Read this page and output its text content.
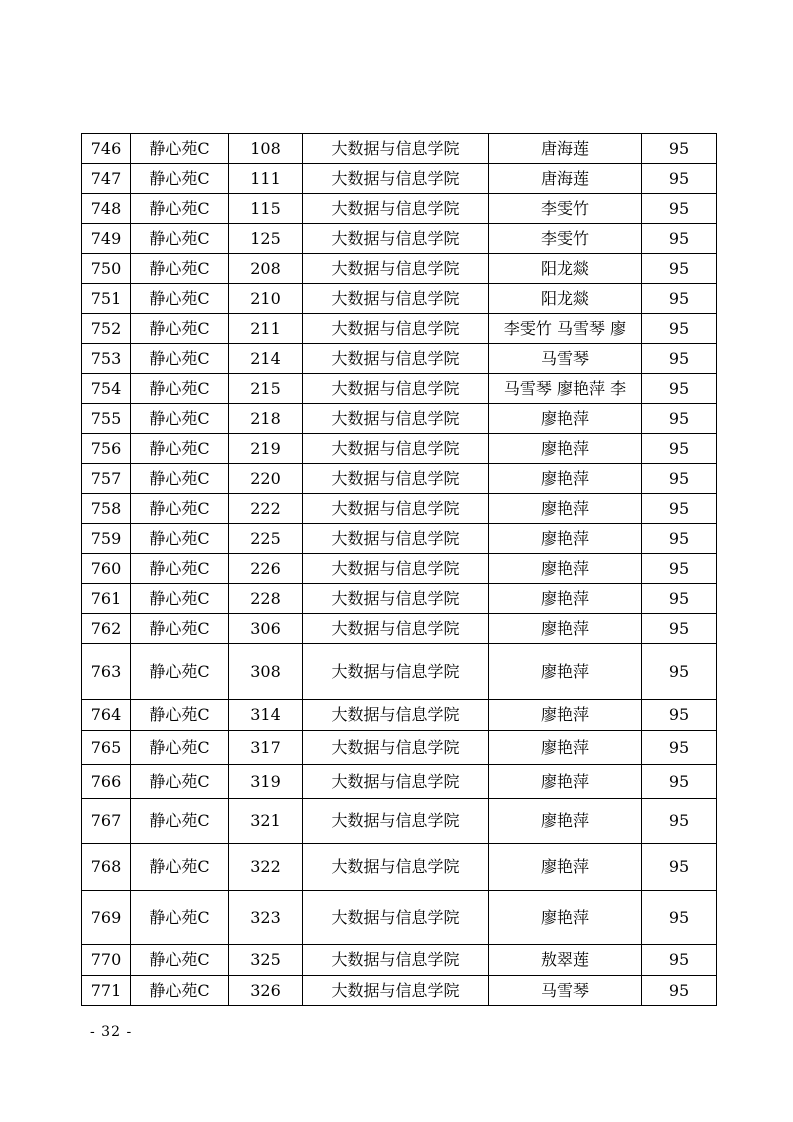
746	静心苑C	108	大数据与信息学院	唐海莲	95
747	静心苑C	111	大数据与信息学院	唐海莲	95
748	静心苑C	115	大数据与信息学院	李雯竹	95
749	静心苑C	125	大数据与信息学院	李雯竹	95
750	静心苑C	208	大数据与信息学院	阳龙燚	95
751	静心苑C	210	大数据与信息学院	阳龙燚	95
752	静心苑C	211	大数据与信息学院	李雯竹 马雪琴 廖	95
753	静心苑C	214	大数据与信息学院	马雪琴	95
754	静心苑C	215	大数据与信息学院	马雪琴 廖艳萍 李	95
755	静心苑C	218	大数据与信息学院	廖艳萍	95
756	静心苑C	219	大数据与信息学院	廖艳萍	95
757	静心苑C	220	大数据与信息学院	廖艳萍	95
758	静心苑C	222	大数据与信息学院	廖艳萍	95
759	静心苑C	225	大数据与信息学院	廖艳萍	95
760	静心苑C	226	大数据与信息学院	廖艳萍	95
761	静心苑C	228	大数据与信息学院	廖艳萍	95
762	静心苑C	306	大数据与信息学院	廖艳萍	95
763	静心苑C	308	大数据与信息学院	廖艳萍	95
764	静心苑C	314	大数据与信息学院	廖艳萍	95
765	静心苑C	317	大数据与信息学院	廖艳萍	95
766	静心苑C	319	大数据与信息学院	廖艳萍	95
767	静心苑C	321	大数据与信息学院	廖艳萍	95
768	静心苑C	322	大数据与信息学院	廖艳萍	95
769	静心苑C	323	大数据与信息学院	廖艳萍	95
770	静心苑C	325	大数据与信息学院	敖翠莲	95
771	静心苑C	326	大数据与信息学院	马雪琴	95
- 32 -
